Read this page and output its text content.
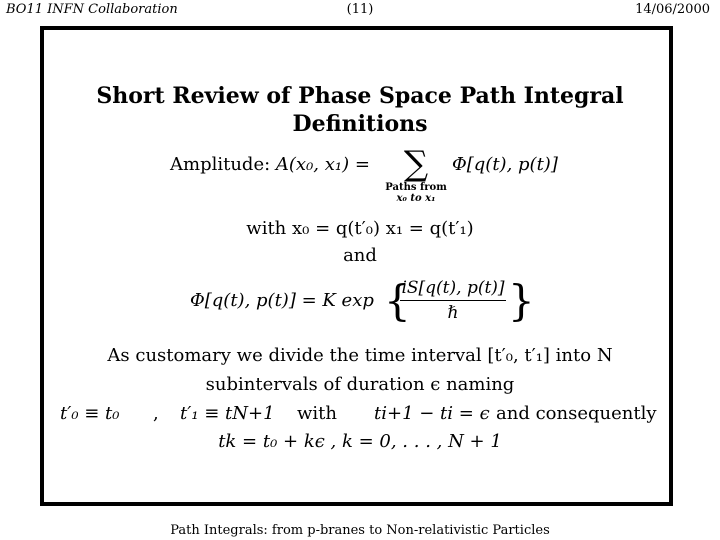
BO11 INFN Collaboration	(11)	14/06/2000
Short Review of Phase Space Path Integral
Definitions
Amplitude: A(x₀, x₁) = ∑
Paths from
x₀ to x₁
Φ[q(t), p(t)]
with x₀ = q(t′₀) x₁ = q(t′₁)
and
Φ[q(t), p(t)] = K exp {
iS[q(t), p(t)]
ℏ	}
As customary we divide the time interval [t′₀, t′₁] into N
subintervals of duration ϵ naming
t′₀ ≡ t₀ , t′₁ ≡ tN+1 with ti+1 − ti = ϵ and consequently
tk = t₀ + kϵ , k = 0, . . . , N + 1
Path Integrals: from p-branes to Non-relativistic Particles
